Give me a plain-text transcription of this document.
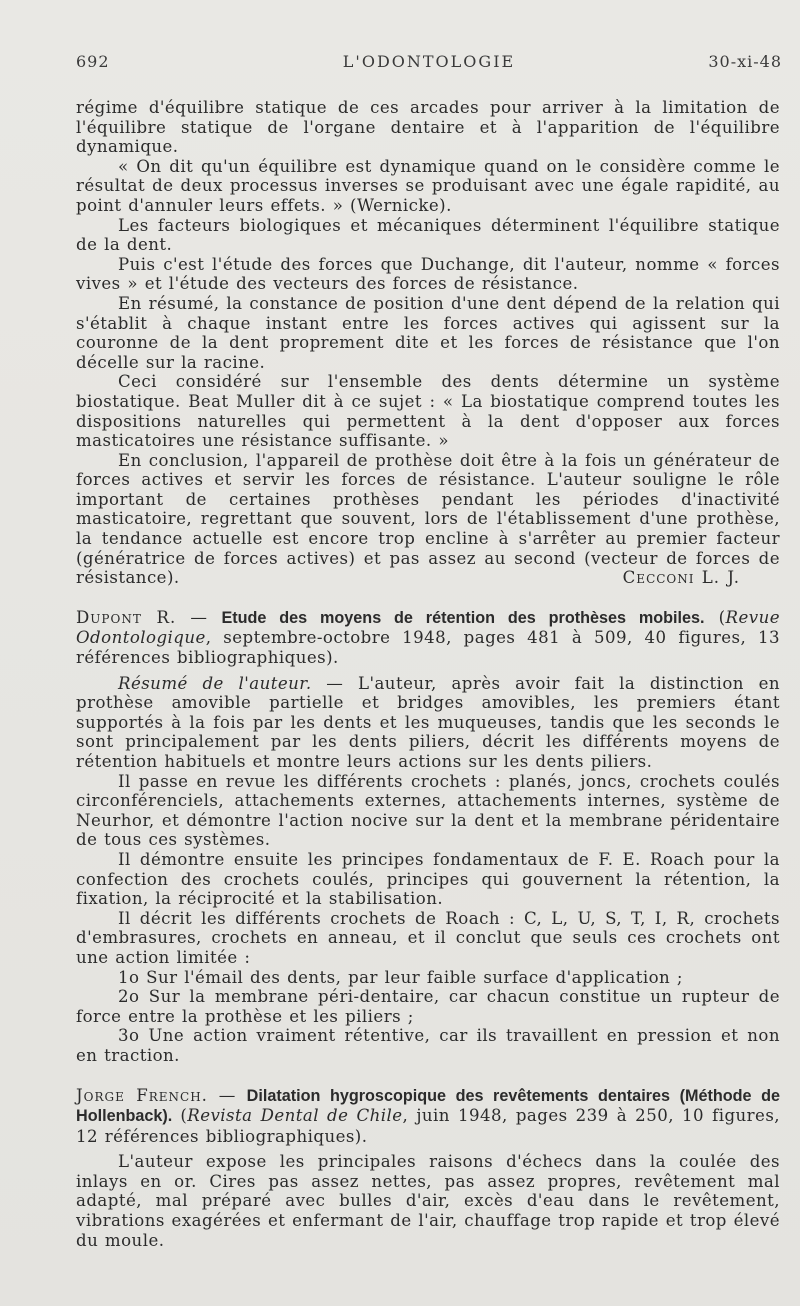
692	L'ODONTOLOGIE	30-xi-48

régime d'équilibre statique de ces arcades pour arriver à la limitation de l'équilibre statique de l'organe dentaire et à l'apparition de l'équilibre dynamique.

« On dit qu'un équilibre est dynamique quand on le considère comme le résultat de deux processus inverses se produisant avec une égale rapidité, au point d'annuler leurs effets. » (Wernicke).

Les facteurs biologiques et mécaniques déterminent l'équilibre statique de la dent.

Puis c'est l'étude des forces que Duchange, dit l'auteur, nomme « forces vives » et l'étude des vecteurs des forces de résistance.

En résumé, la constance de position d'une dent dépend de la relation qui s'établit à chaque instant entre les forces actives qui agissent sur la couronne de la dent proprement dite et les forces de résistance que l'on décelle sur la racine.

Ceci considéré sur l'ensemble des dents détermine un système biostatique. Beat Muller dit à ce sujet : « La biostatique comprend toutes les dispositions naturelles qui permettent à la dent d'opposer aux forces masticatoires une résistance suffisante. »

En conclusion, l'appareil de prothèse doit être à la fois un générateur de forces actives et servir les forces de résistance. L'auteur souligne le rôle important de certaines prothèses pendant les périodes d'inactivité masticatoire, regrettant que souvent, lors de l'établissement d'une prothèse, la tendance actuelle est encore trop encline à s'arrêter au premier facteur (génératrice de forces actives) et pas assez au second (vecteur de forces de résistance).	Cecconi L. J.

Dupont R. — Etude des moyens de rétention des prothèses mobiles. (Revue Odontologique, septembre-octobre 1948, pages 481 à 509, 40 figures, 13 références bibliographiques).

Résumé de l'auteur. — L'auteur, après avoir fait la distinction en prothèse amovible partielle et bridges amovibles, les premiers étant supportés à la fois par les dents et les muqueuses, tandis que les seconds le sont principalement par les dents piliers, décrit les différents moyens de rétention habituels et montre leurs actions sur les dents piliers.

Il passe en revue les différents crochets : planés, joncs, crochets coulés circonférenciels, attachements externes, attachements internes, système de Neurhor, et démontre l'action nocive sur la dent et la membrane péridentaire de tous ces systèmes.

Il démontre ensuite les principes fondamentaux de F. E. Roach pour la confection des crochets coulés, principes qui gouvernent la rétention, la fixation, la réciprocité et la stabilisation.

Il décrit les différents crochets de Roach : C, L, U, S, T, I, R, crochets d'embrasures, crochets en anneau, et il conclut que seuls ces crochets ont une action limitée :

1o Sur l'émail des dents, par leur faible surface d'application ;

2o Sur la membrane péri-dentaire, car chacun constitue un rupteur de force entre la prothèse et les piliers ;

3o Une action vraiment rétentive, car ils travaillent en pression et non en traction.

Jorge French. — Dilatation hygroscopique des revêtements dentaires (Méthode de Hollenback). (Revista Dental de Chile, juin 1948, pages 239 à 250, 10 figures, 12 références bibliographiques).

L'auteur expose les principales raisons d'échecs dans la coulée des inlays en or. Cires pas assez nettes, pas assez propres, revêtement mal adapté, mal préparé avec bulles d'air, excès d'eau dans le revêtement, vibrations exagérées et enfermant de l'air, chauffage trop rapide et trop élevé du moule.
